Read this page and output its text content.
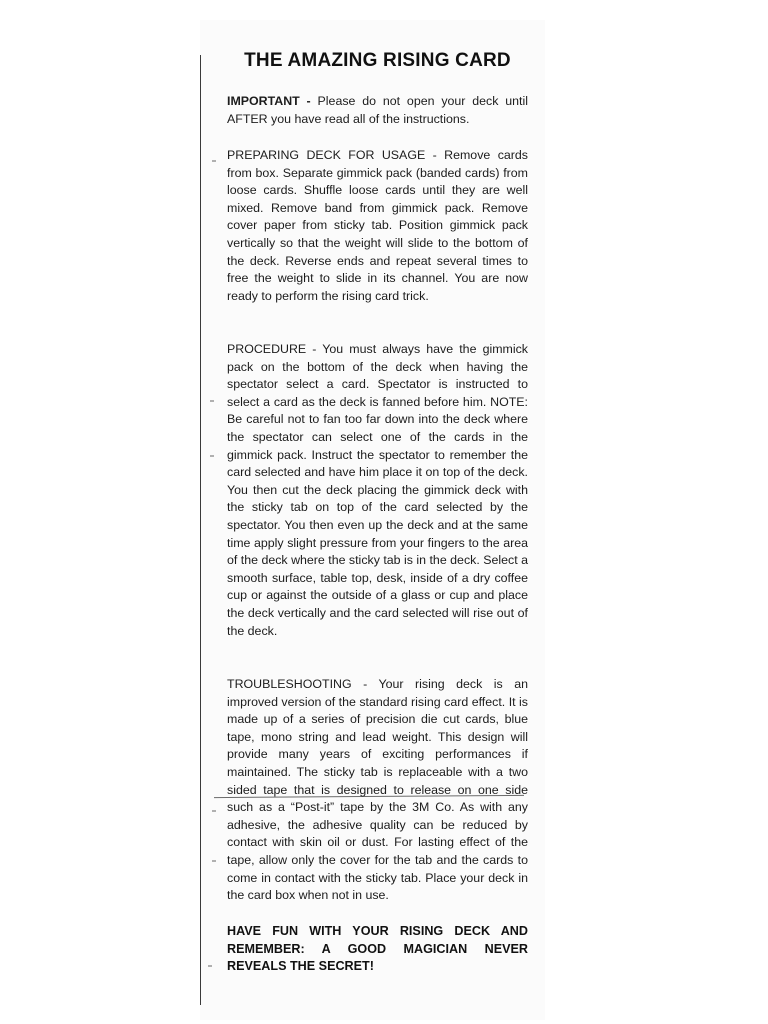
THE AMAZING RISING CARD

IMPORTANT - Please do not open your deck until AFTER you have read all of the instructions.

PREPARING DECK FOR USAGE - Remove cards from box. Separate gimmick pack (banded cards) from loose cards. Shuffle loose cards until they are well mixed. Remove band from gimmick pack. Remove cover paper from sticky tab. Position gimmick pack vertically so that the weight will slide to the bottom of the deck. Reverse ends and repeat several times to free the weight to slide in its channel. You are now ready to perform the rising card trick.

PROCEDURE - You must always have the gimmick pack on the bottom of the deck when having the spectator select a card. Spectator is instructed to select a card as the deck is fanned before him. NOTE: Be careful not to fan too far down into the deck where the spectator can select one of the cards in the gimmick pack. Instruct the spectator to remember the card selected and have him place it on top of the deck. You then cut the deck placing the gimmick deck with the sticky tab on top of the card selected by the spectator. You then even up the deck and at the same time apply slight pressure from your fingers to the area of the deck where the sticky tab is in the deck. Select a smooth surface, table top, desk, inside of a dry coffee cup or against the outside of a glass or cup and place the deck vertically and the card selected will rise out of the deck.

TROUBLESHOOTING - Your rising deck is an improved version of the standard rising card effect. It is made up of a series of precision die cut cards, blue tape, mono string and lead weight. This design will provide many years of exciting performances if maintained. The sticky tab is replaceable with a two sided tape that is designed to release on one side such as a “Post-it” tape by the 3M Co. As with any adhesive, the adhesive quality can be reduced by contact with skin oil or dust. For lasting effect of the tape, allow only the cover for the tab and the cards to come in contact with the sticky tab. Place your deck in the card box when not in use.

HAVE FUN WITH YOUR RISING DECK AND REMEMBER: A GOOD MAGICIAN NEVER REVEALS THE SECRET!
